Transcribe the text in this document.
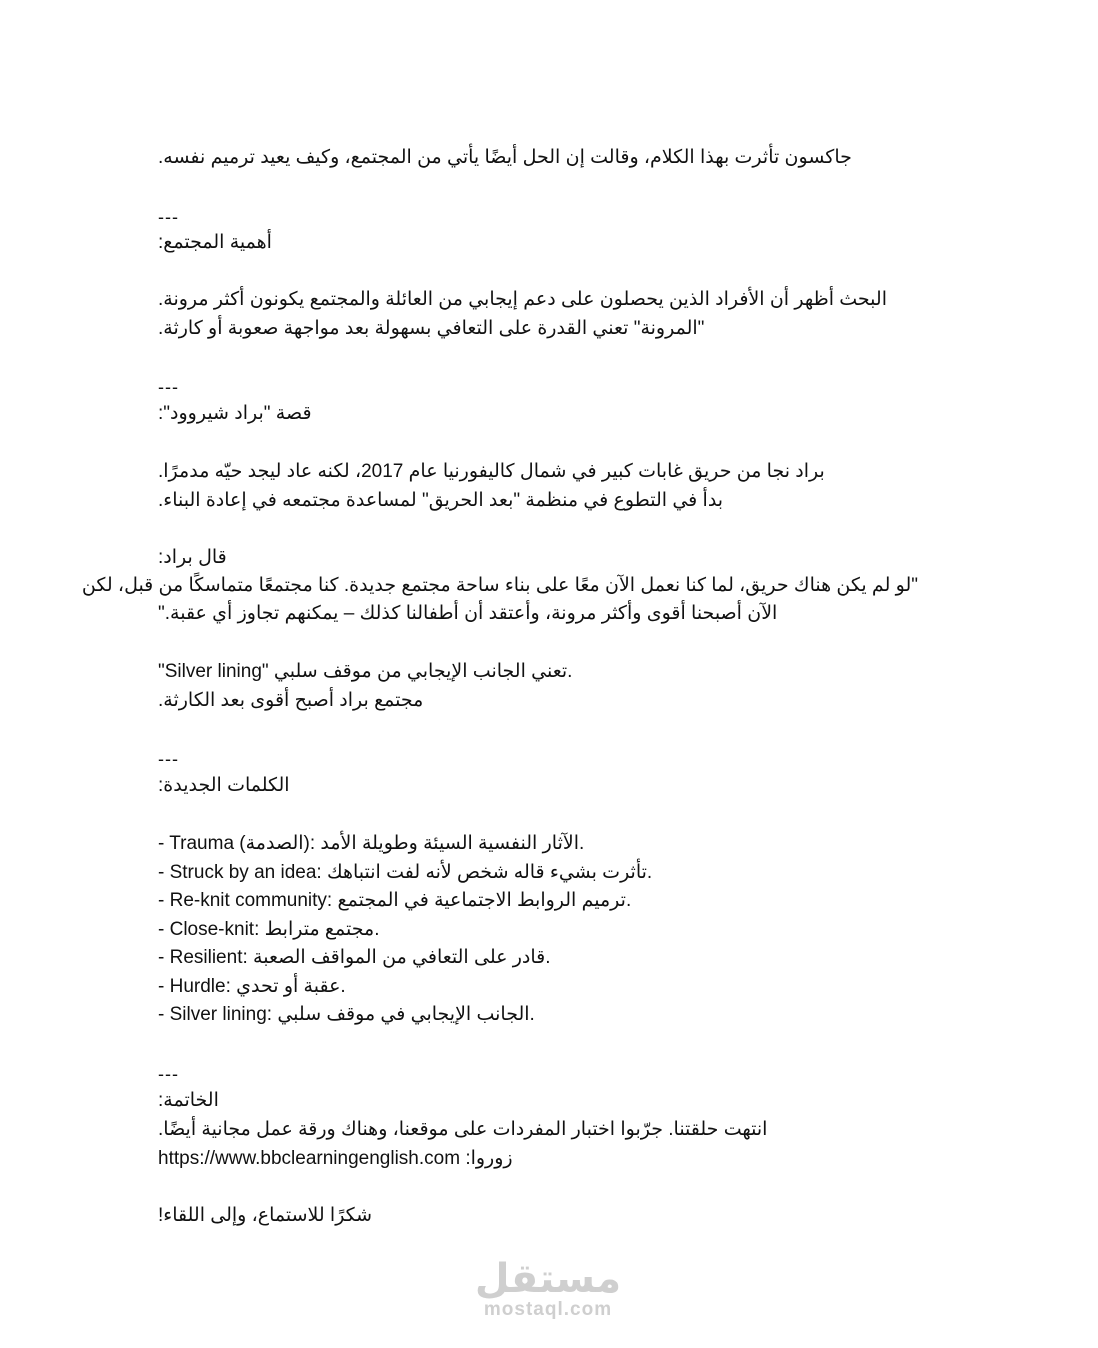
جاكسون تأثرت بهذا الكلام، وقالت إن الحل أيضًا يأتي من المجتمع، وكيف يعيد ترميم نفسه.
---
أهمية المجتمع:
البحث أظهر أن الأفراد الذين يحصلون على دعم إيجابي من العائلة والمجتمع يكونون أكثر مرونة.
"المرونة" تعني القدرة على التعافي بسهولة بعد مواجهة صعوبة أو كارثة.
---
قصة "براد شيروود":
براد نجا من حريق غابات كبير في شمال كاليفورنيا عام 2017، لكنه عاد ليجد حيّه مدمرًا.
بدأ في التطوع في منظمة "بعد الحريق" لمساعدة مجتمعه في إعادة البناء.
قال براد:
"لو لم يكن هناك حريق، لما كنا نعمل الآن معًا على بناء ساحة مجتمع جديدة. كنا مجتمعًا متماسكًا من قبل، لكن
الآن أصبحنا أقوى وأكثر مرونة، وأعتقد أن أطفالنا كذلك – يمكنهم تجاوز أي عقبة."
"Silver lining" تعني الجانب الإيجابي من موقف سلبي.
مجتمع براد أصبح أقوى بعد الكارثة.
---
الكلمات الجديدة:
- Trauma (الصدمة): الآثار النفسية السيئة وطويلة الأمد.
- Struck by an idea: تأثرت بشيء قاله شخص لأنه لفت انتباهك.
- Re-knit community: ترميم الروابط الاجتماعية في المجتمع.
- Close-knit: مجتمع مترابط.
- Resilient: قادر على التعافي من المواقف الصعبة.
- Hurdle: عقبة أو تحدي.
- Silver lining: الجانب الإيجابي في موقف سلبي.
---
الخاتمة:
انتهت حلقتنا. جرّبوا اختبار المفردات على موقعنا، وهناك ورقة عمل مجانية أيضًا.
زوروا: https://www.bbclearningenglish.com
شكرًا للاستماع، وإلى اللقاء!
مستقل
mostaql.com
